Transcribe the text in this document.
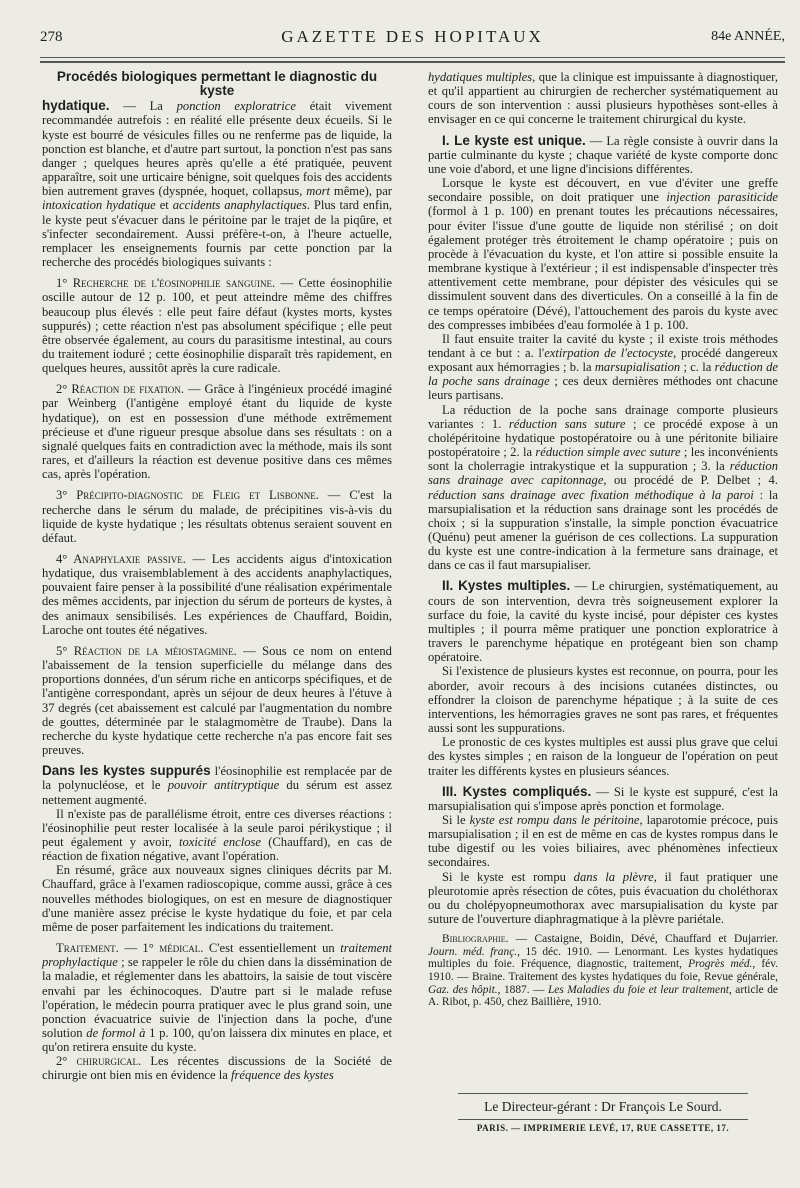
278	GAZETTE DES HOPITAUX	84e ANNÉE,

Procédés biologiques permettant le diagnostic du kyste

hydatique. — La ponction exploratrice était vivement recommandée autrefois : en réalité elle présente deux écueils. Si le kyste est bourré de vésicules filles ou ne renferme pas de liquide, la ponction est blanche, et d'autre part surtout, la ponction n'est pas sans danger ; quelques heures après qu'elle a été pratiquée, peuvent apparaître, soit une urticaire bénigne, soit quelques fois des accidents bien autrement graves (dyspnée, hoquet, collapsus, mort même), par intoxication hydatique et accidents anaphylactiques. Plus tard enfin, le kyste peut s'évacuer dans le péritoine par le trajet de la piqûre, et s'infecter secondairement. Aussi préfère-t-on, à l'heure actuelle, remplacer les enseignements fournis par cette ponction par la recherche des procédés biologiques suivants :

1° Recherche de l'éosinophilie sanguine. — Cette éosinophilie oscille autour de 12 p. 100, et peut atteindre même des chiffres beaucoup plus élevés : elle peut faire défaut (kystes morts, kystes suppurés) ; cette réaction n'est pas absolument spécifique ; elle peut être observée également, au cours du parasitisme intestinal, au cours du traitement ioduré ; cette éosinophilie disparaît très rapidement, en quelques heures, aussitôt après la cure radicale.

2° Réaction de fixation. — Grâce à l'ingénieux procédé imaginé par Weinberg (l'antigène employé étant du liquide de kyste hydatique), on est en possession d'une méthode extrêmement précieuse et d'une rigueur presque absolue dans ses résultats : on a signalé quelques faits en contradiction avec la méthode, mais ils sont rares, et d'ailleurs la réaction est devenue positive dans ces mêmes cas, après l'opération.

3° Précipito-diagnostic de Fleig et Lisbonne. — C'est la recherche dans le sérum du malade, de précipitines vis-à-vis du liquide de kyste hydatique ; les résultats obtenus seraient souvent en défaut.

4° Anaphylaxie passive. — Les accidents aigus d'intoxication hydatique, dus vraisemblablement à des accidents anaphylactiques, pouvaient faire penser à la possibilité d'une réalisation expérimentale des mêmes accidents, par injection du sérum de porteurs de kystes, à des animaux sensibilisés. Les expériences de Chauffard, Boidin, Laroche ont toutes été négatives.

5° Réaction de la méiostagmine. — Sous ce nom on entend l'abaissement de la tension superficielle du mélange dans des proportions données, d'un sérum riche en anticorps spécifiques, et de l'antigène correspondant, après un séjour de deux heures à l'étuve à 37 degrés (cet abaissement est calculé par l'augmentation du nombre de gouttes, déterminée par le stalagmomètre de Traube). Dans la recherche du kyste hydatique cette recherche n'a pas encore fait ses preuves.

Dans les kystes suppurés l'éosinophilie est remplacée par de la polynucléose, et le pouvoir antitryptique du sérum est assez nettement augmenté.

Il n'existe pas de parallélisme étroit, entre ces diverses réactions : l'éosinophilie peut rester localisée à la seule paroi périkystique ; il peut également y avoir, toxicité enclose (Chauffard), en cas de réaction de fixation négative, avant l'opération.

En résumé, grâce aux nouveaux signes cliniques décrits par M. Chauffard, grâce à l'examen radioscopique, comme aussi, grâce à ces nouvelles méthodes biologiques, on est en mesure de diagnostiquer d'une manière assez précise le kyste hydatique du foie, et par cela même de poser parfaitement les indications du traitement.

Traitement. — 1° médical. C'est essentiellement un traitement prophylactique ; se rappeler le rôle du chien dans la dissémination de la maladie, et réglementer dans les abattoirs, la saisie de tout viscère envahi par les échinocoques. D'autre part si le malade refuse l'opération, le médecin pourra pratiquer avec le plus grand soin, une ponction évacuatrice suivie de l'injection dans la poche, d'une solution de formol à 1 p. 100, qu'on laissera dix minutes en place, et qu'on retirera ensuite du kyste.

2° chirurgical. Les récentes discussions de la Société de chirurgie ont bien mis en évidence la fréquence des kystes

hydatiques multiples, que la clinique est impuissante à diagnostiquer, et qu'il appartient au chirurgien de rechercher systématiquement au cours de son intervention : aussi plusieurs hypothèses sont-elles à envisager en ce qui concerne le traitement chirurgical du kyste.

I. Le kyste est unique. — La règle consiste à ouvrir dans la partie culminante du kyste ; chaque variété de kyste comporte donc une voie d'abord, et une ligne d'incisions différentes.

Lorsque le kyste est découvert, en vue d'éviter une greffe secondaire possible, on doit pratiquer une injection parasiticide (formol à 1 p. 100) en prenant toutes les précautions nécessaires, pour éviter l'issue d'une goutte de liquide non stérilisé ; on doit également protéger très étroitement le champ opératoire ; puis on procède à l'évacuation du kyste, et l'on attire si possible ensuite la membrane kystique à l'extérieur ; il est indispensable d'inspecter très attentivement cette membrane, pour dépister des vésicules qui se dissimulent souvent dans des diverticules. On a conseillé à la fin de ce temps opératoire (Dévé), l'attouchement des parois du kyste avec des compresses imbibées d'eau formolée à 1 p. 100.

Il faut ensuite traiter la cavité du kyste ; il existe trois méthodes tendant à ce but : a. l'extirpation de l'ectocyste, procédé dangereux exposant aux hémorragies ; b. la marsupialisation ; c. la réduction de la poche sans drainage ; ces deux dernières méthodes ont chacune leurs partisans.

La réduction de la poche sans drainage comporte plusieurs variantes : 1. réduction sans suture ; ce procédé expose à un cholépéritoine hydatique postopératoire ou à une péritonite biliaire postopératoire ; 2. la réduction simple avec suture ; les inconvénients sont la cholerragie intrakystique et la suppuration ; 3. la réduction sans drainage avec capitonnage, ou procédé de P. Delbet ; 4. réduction sans drainage avec fixation méthodique à la paroi : la marsupialisation et la réduction sans drainage sont les procédés de choix ; si la suppuration s'installe, la simple ponction évacuatrice (Quénu) peut amener la guérison de ces collections. La suppuration du kyste est une contre-indication à la fermeture sans drainage, et dans ce cas il faut marsupialiser.

II. Kystes multiples. — Le chirurgien, systématiquement, au cours de son intervention, devra très soigneusement explorer la surface du foie, la cavité du kyste incisé, pour dépister ces kystes multiples ; il pourra même pratiquer une ponction exploratrice à travers le parenchyme hépatique en protégeant bien son champ opératoire.

Si l'existence de plusieurs kystes est reconnue, on pourra, pour les aborder, avoir recours à des incisions cutanées distinctes, ou effondrer la cloison de parenchyme hépatique ; à la suite de ces interventions, les hémorragies graves ne sont pas rares, et fréquentes aussi sont les suppurations.

Le pronostic de ces kystes multiples est aussi plus grave que celui des kystes simples ; en raison de la longueur de l'opération on peut traiter les différents kystes en plusieurs séances.

III. Kystes compliqués. — Si le kyste est suppuré, c'est la marsupialisation qui s'impose après ponction et formolage.

Si le kyste est rompu dans le péritoine, laparotomie précoce, puis marsupialisation ; il en est de même en cas de kystes rompus dans le tube digestif ou les voies biliaires, avec phénomènes infectieux secondaires.

Si le kyste est rompu dans la plèvre, il faut pratiquer une pleurotomie après résection de côtes, puis évacuation du choléthorax ou du cholépyopneumothorax avec marsupialisation du kyste par suture de l'ouverture diaphragmatique à la plèvre pariétale.

Bibliographie. — Castaigne, Boidin, Dévé, Chauffard et Dujarrier. Journ. méd. franç., 15 déc. 1910. — Lenormant. Les kystes hydatiques multiples du foie. Fréquence, diagnostic, traitement, Progrès méd., fév. 1910. — Braine. Traitement des kystes hydatiques du foie, Revue générale, Gaz. des hôpit., 1887. — Les Maladies du foie et leur traitement, article de A. Ribot, p. 450, chez Baillière, 1910.

Le Directeur-gérant : Dr François Le Sourd.
PARIS. — IMPRIMERIE LEVÉ, 17, RUE CASSETTE, 17.
